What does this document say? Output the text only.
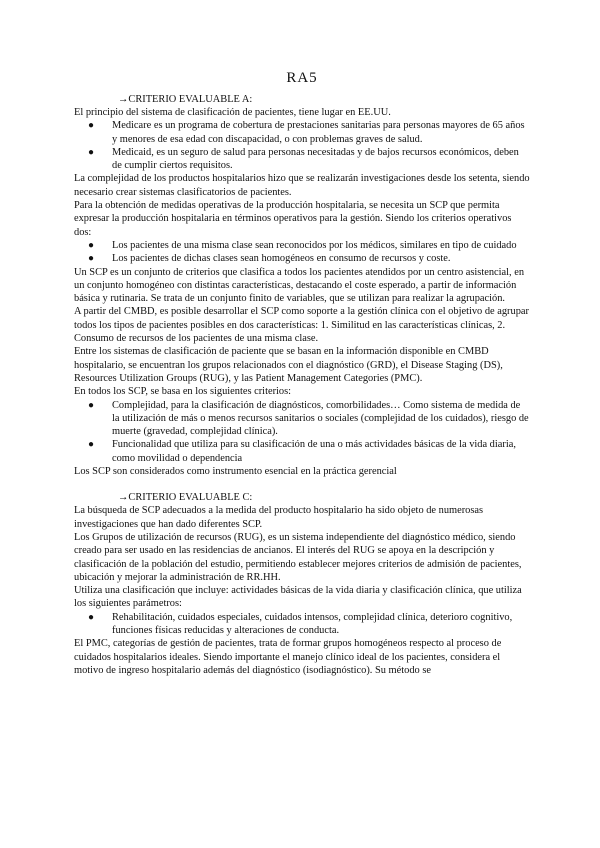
RA5

→CRITERIO EVALUABLE A:

El principio del sistema de clasificación de pacientes, tiene lugar en EE.UU.

● Medicare es un programa de cobertura de prestaciones sanitarias para personas mayores de 65 años y menores de esa edad con discapacidad, o con problemas graves de salud.
● Medicaid, es un seguro de salud para personas necesitadas y de bajos recursos económicos, deben de cumplir ciertos requisitos.

La complejidad de los productos hospitalarios hizo que se realizarán investigaciones desde los setenta, siendo necesario crear sistemas clasificatorios de pacientes.

Para la obtención de medidas operativas de la producción hospitalaria, se necesita un SCP que permita expresar la producción hospitalaria en términos operativos para la gestión. Siendo los criterios operativos dos:

● Los pacientes de una misma clase sean reconocidos por los médicos, similares en tipo de cuidado
● Los pacientes de dichas clases sean homogéneos en consumo de recursos y coste.

Un SCP es un conjunto de criterios que clasifica a todos los pacientes atendidos por un centro asistencial, en un conjunto homogéneo con distintas características, destacando el coste esperado, a partir de información básica y rutinaria. Se trata de un conjunto finito de variables, que se utilizan para realizar la agrupación.

A partir del CMBD, es posible desarrollar el SCP como soporte a la gestión clínica con el objetivo de agrupar todos los tipos de pacientes posibles en dos características: 1. Similitud en las características clínicas, 2. Consumo de recursos de los pacientes de una misma clase.

Entre los sistemas de clasificación de paciente que se basan en la información disponible en CMBD hospitalario, se encuentran los grupos relacionados con el diagnóstico (GRD), el Disease Staging (DS), Resources Utilization Groups (RUG), y las Patient Management Categories (PMC).

En todos los SCP, se basa en los siguientes criterios:

● Complejidad, para la clasificación de diagnósticos, comorbilidades… Como sistema de medida de la utilización de más o menos recursos sanitarios o sociales (complejidad de los cuidados), riesgo de muerte (gravedad, complejidad clínica).
● Funcionalidad que utiliza para su clasificación de una o más actividades básicas de la vida diaria, como movilidad o dependencia

Los SCP son considerados como instrumento esencial en la práctica gerencial

→CRITERIO EVALUABLE C:

La búsqueda de SCP adecuados a la medida del producto hospitalario ha sido objeto de numerosas investigaciones que han dado diferentes SCP.

Los Grupos de utilización de recursos (RUG), es un sistema independiente del diagnóstico médico, siendo creado para ser usado en las residencias de ancianos. El interés del RUG se apoya en la descripción y clasificación de la población del estudio, permitiendo establecer mejores criterios de admisión de pacientes, ubicación y mejorar la administración de RR.HH.

Utiliza una clasificación que incluye: actividades básicas de la vida diaria y clasificación clínica, que utiliza los siguientes parámetros:

● Rehabilitación, cuidados especiales, cuidados intensos, complejidad clínica, deterioro cognitivo, funciones físicas reducidas y alteraciones de conducta.

El PMC, categorías de gestión de pacientes, trata de formar grupos homogéneos respecto al proceso de cuidados hospitalarios ideales. Siendo importante el manejo clínico ideal de los pacientes, considera el motivo de ingreso hospitalario además del diagnóstico (isodiagnóstico). Su método se
